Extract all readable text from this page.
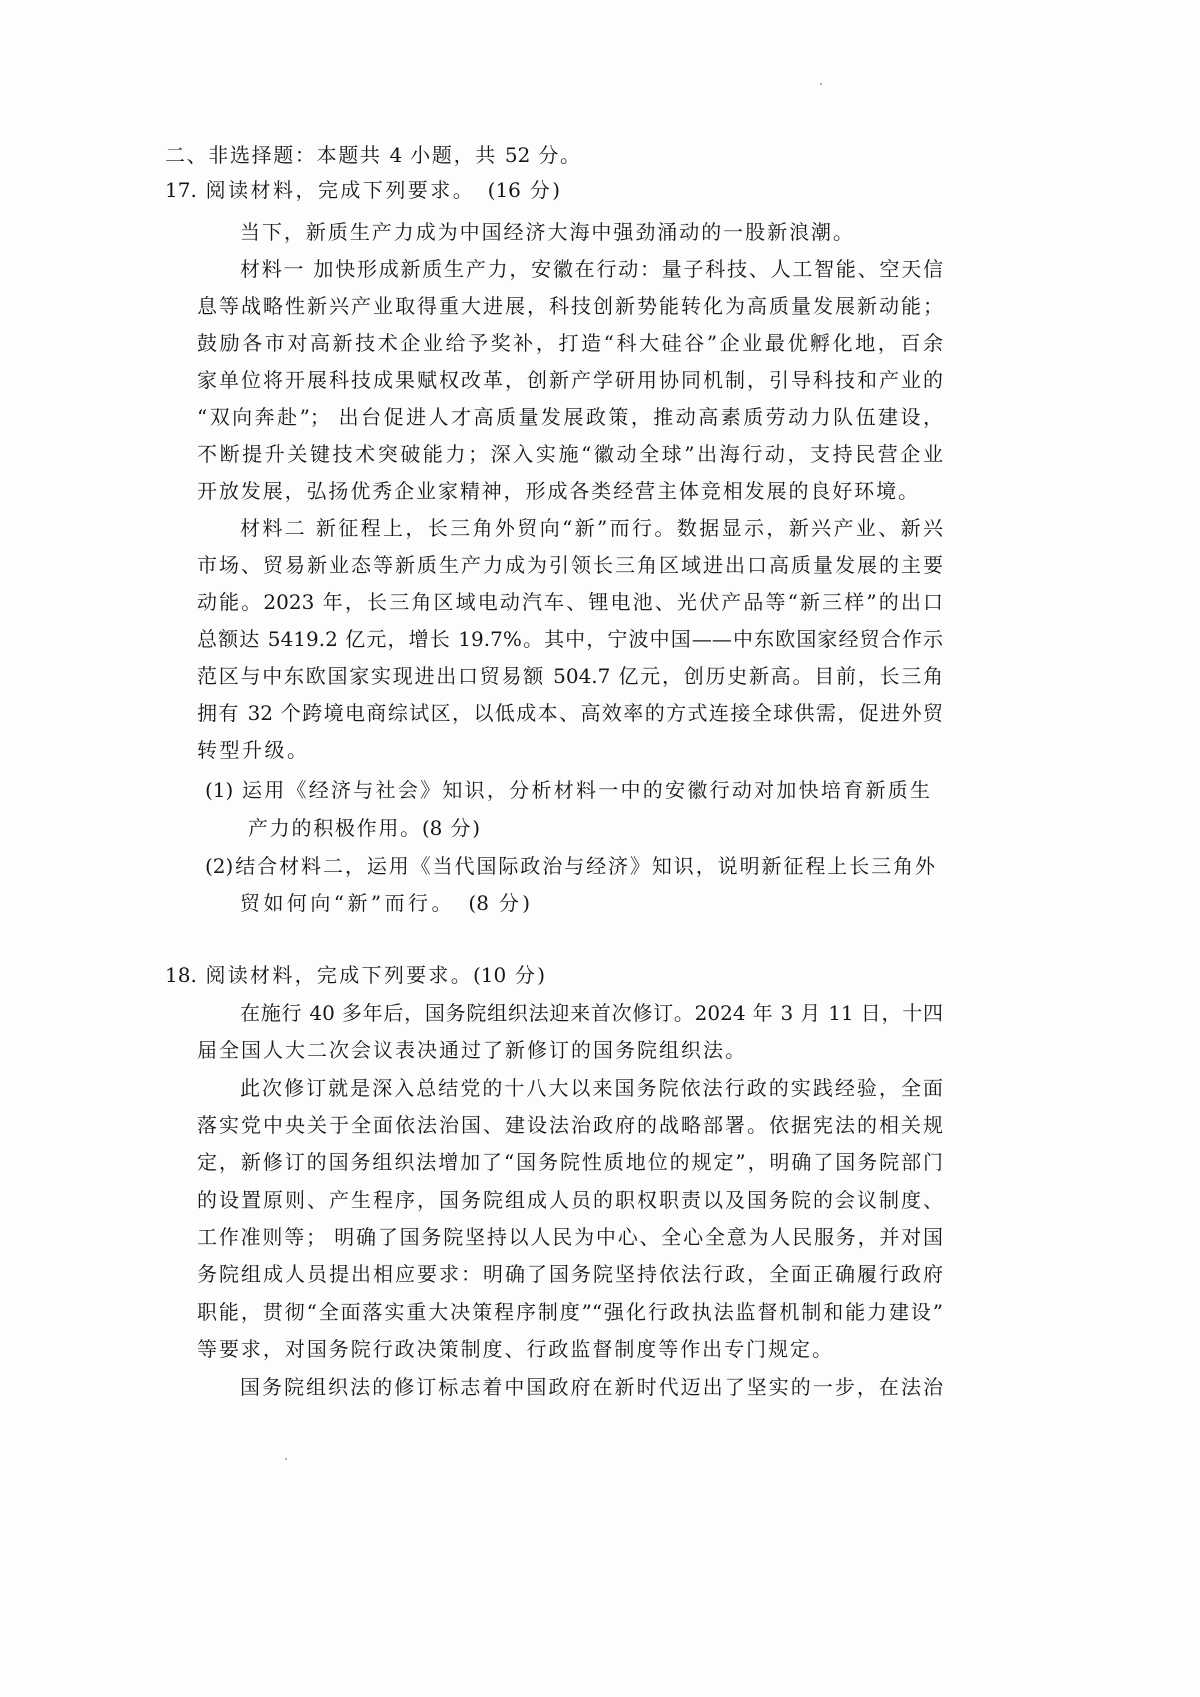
二、非选择题：本题共 4 小题，共 52 分。
17. 阅读材料，完成下列要求。　(16 分)
当下，新质生产力成为中国经济大海中强劲涌动的一股新浪潮。
材料一 加快形成新质生产力，安徽在行动：量子科技、人工智能、空天信
息等战略性新兴产业取得重大进展，科技创新势能转化为高质量发展新动能；
鼓励各市对高新技术企业给予奖补，打造“科大硅谷”企业最优孵化地，百余
家单位将开展科技成果赋权改革，创新产学研用协同机制，引导科技和产业的
“双向奔赴”； 出台促进人才高质量发展政策，推动高素质劳动力队伍建设，
不断提升关键技术突破能力；深入实施“徽动全球”出海行动，支持民营企业
开放发展，弘扬优秀企业家精神，形成各类经营主体竞相发展的良好环境。
材料二 新征程上，长三角外贸向“新”而行。数据显示，新兴产业、新兴
市场、贸易新业态等新质生产力成为引领长三角区域进出口高质量发展的主要
动能。2023 年，长三角区域电动汽车、锂电池、光伏产品等“新三样”的出口
总额达 5419.2 亿元，增长 19.7%。其中，宁波中国——中东欧国家经贸合作示
范区与中东欧国家实现进出口贸易额 504.7 亿元，创历史新高。目前，长三角
拥有 32 个跨境电商综试区，以低成本、高效率的方式连接全球供需，促进外贸
转型升级。
(1) 运用《经济与社会》知识，分析材料一中的安徽行动对加快培育新质生
产力的积极作用。(8 分)
(2)结合材料二，运用《当代国际政治与经济》知识，说明新征程上长三角外
贸如何向“新”而行。　(8 分)
18. 阅读材料，完成下列要求。(10 分)
在施行 40 多年后，国务院组织法迎来首次修订。2024 年 3 月 11 日，十四
届全国人大二次会议表决通过了新修订的国务院组织法。
此次修订就是深入总结党的十八大以来国务院依法行政的实践经验，全面
落实党中央关于全面依法治国、建设法治政府的战略部署。依据宪法的相关规
定，新修订的国务组织法增加了“国务院性质地位的规定”，明确了国务院部门
的设置原则、产生程序，国务院组成人员的职权职责以及国务院的会议制度、
工作准则等； 明确了国务院坚持以人民为中心、全心全意为人民服务，并对国
务院组成人员提出相应要求：明确了国务院坚持依法行政，全面正确履行政府
职能，贯彻“全面落实重大决策程序制度”“强化行政执法监督机制和能力建设”
等要求，对国务院行政决策制度、行政监督制度等作出专门规定。
国务院组织法的修订标志着中国政府在新时代迈出了坚实的一步，在法治
